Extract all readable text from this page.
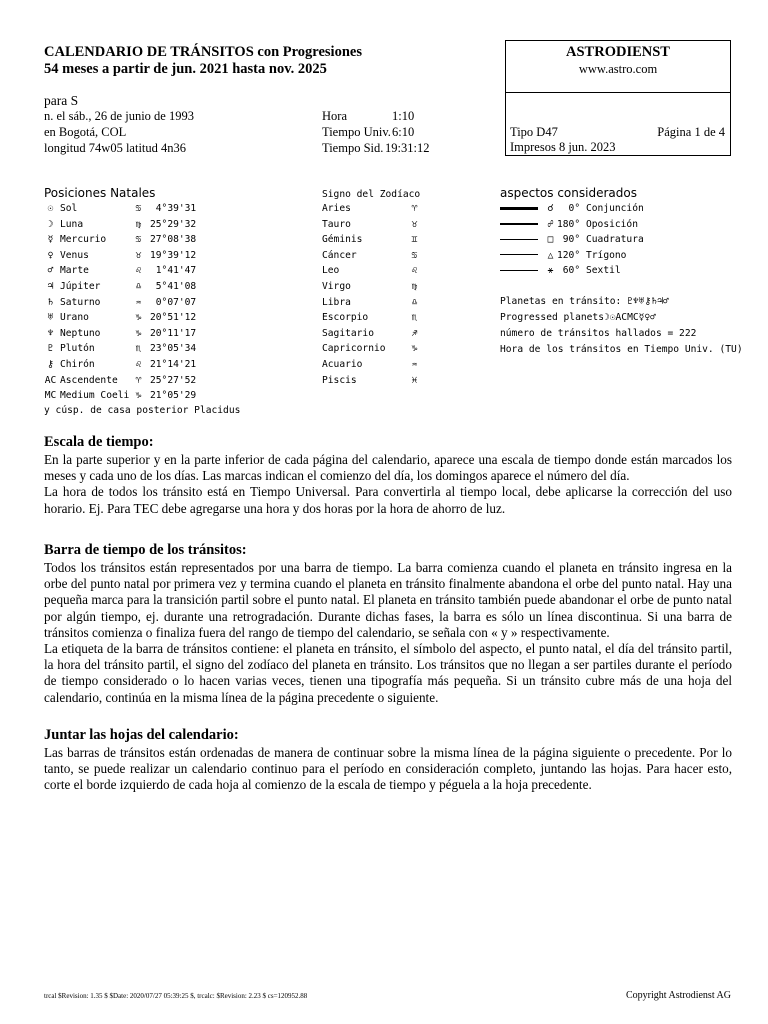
CALENDARIO DE TRÁNSITOS con Progresiones
54 meses a partir de jun. 2021 hasta nov. 2025
para S
n. el sáb., 26 de junio de 1993
en Bogotá, COL
longitud 74w05 latitud 4n36
Hora	1:10
Tiempo Univ. 6:10
Tiempo Sid. 19:31:12
ASTRODIENST
www.astro.com
Tipo D47	Página 1 de 4
Impresos 8 jun. 2023
Posiciones Natales
☉ Sol	♋ 4°39'31
☽ Luna	♍ 25°29'32
☿ Mercurio	♋ 27°08'38
♀ Venus	♉ 19°39'12
♂ Marte	♌ 1°41'47
♃ Júpiter	♎ 5°41'08
♄ Saturno	♒ 0°07'07
♅ Urano	♑ 20°51'12
♆ Neptuno	♑ 20°11'17
♇ Plutón	♏ 23°05'34
⚷ Chirón	♌ 21°14'21
AC Ascendente	♈ 25°27'52
MC Medium Coeli ♑ 21°05'29
y cúsp. de casa posterior Placidus
Signo del Zodíaco
Aries	♈
Tauro	♉
Géminis	♊
Cáncer	♋
Leo	♌
Virgo	♍
Libra	♎
Escorpio	♏
Sagitario	♐
Capricornio	♑
Acuario	♒
Piscis	♓
aspectos considerados
☌  0° Conjunción
☍ 180° Oposición
□ 90° Cuadratura
△ 120° Trígono
⚹ 60° Sextil
Planetas en tránsito: ♇♆♅⚷♄♃♂
Progressed planets☽☉ACMC☿♀♂
número de tránsitos hallados = 222
Hora de los tránsitos en Tiempo Univ. (TU)
Escala de tiempo:

En la parte superior y en la parte inferior de cada página del calendario, aparece una escala de tiempo donde están marcados los meses y cada uno de los días. Las marcas indican el comienzo del día, los domingos aparece el número del día.

La hora de todos los tránsito está en Tiempo Universal. Para convertirla al tiempo local, debe aplicarse la corrección del uso horario. Ej. Para TEC debe agregarse una hora y dos horas por la hora de ahorro de luz.

Barra de tiempo de los tránsitos:

Todos los tránsitos están representados por una barra de tiempo. La barra comienza cuando el planeta en tránsito ingresa en la orbe del punto natal por primera vez y termina cuando el planeta en tránsito finalmente abandona el orbe del punto natal. Hay una pequeña marca para la transición partil sobre el punto natal. El planeta en tránsito también puede abandonar el orbe de punto natal por algún tiempo, ej. durante una retrogradación. Durante dichas fases, la barra es sólo un línea discontinua. Si una barra de tránsitos comienza o finaliza fuera del rango de tiempo del calendario, se señala con « y » respectivamente.

La etiqueta de la barra de tránsitos contiene: el planeta en tránsito, el símbolo del aspecto, el punto natal, el día del tránsito partil, la hora del tránsito partil, el signo del zodíaco del planeta en tránsito. Los tránsitos que no llegan a ser partiles durante el período de tiempo considerado o lo hacen varias veces, tienen una tipografía más pequeña. Si un tránsito cubre más de una hoja del calendario, continúa en la misma línea de la página precedente o siguiente.

Juntar las hojas del calendario:

Las barras de tránsitos están ordenadas de manera de continuar sobre la misma línea de la página siguiente o precedente. Por lo tanto, se puede realizar un calendario continuo para el período en consideración completo, juntando las hojas. Para hacer esto, corte el borde izquierdo de cada hoja al comienzo de la escala de tiempo y péguela a la hoja precedente.

trcal $Revision: 1.35 $ $Date: 2020/07/27 05:39:25 $, trcalc: $Revision: 2.23 $ cs=120952.88	Copyright Astrodienst AG
